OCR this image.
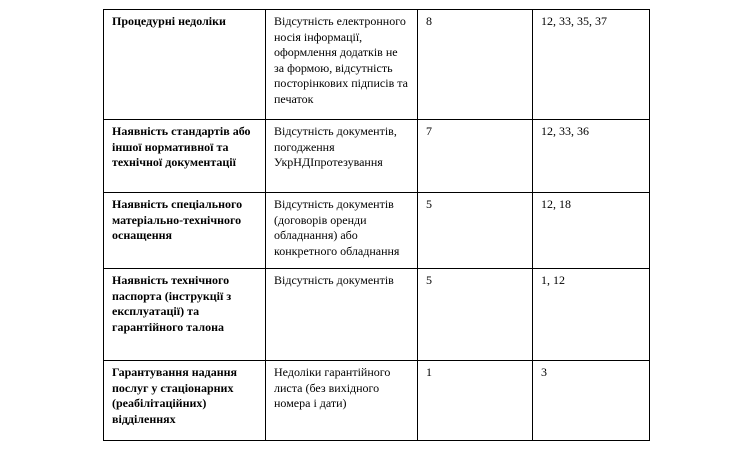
Процедурні недоліки	Відсутність електронного носія інформації, оформлення додатків не за формою, відсутність посторінкових підписів та печаток	8	12, 33, 35, 37
Наявність стандартів або іншої нормативної та технічної документації	Відсутність документів, погодження УкрНДІпротезування	7	12, 33, 36
Наявність спеціального матеріально-технічного оснащення	Відсутність документів (договорів оренди обладнання) або конкретного обладнання	5	12, 18
Наявність технічного паспорта (інструкції з експлуатації) та гарантійного талона	Відсутність документів	5	1, 12
Гарантування надання послуг у стаціонарних (реабілітаційних) відділеннях	Недоліки гарантійного листа (без вихідного номера і дати)	1	3
